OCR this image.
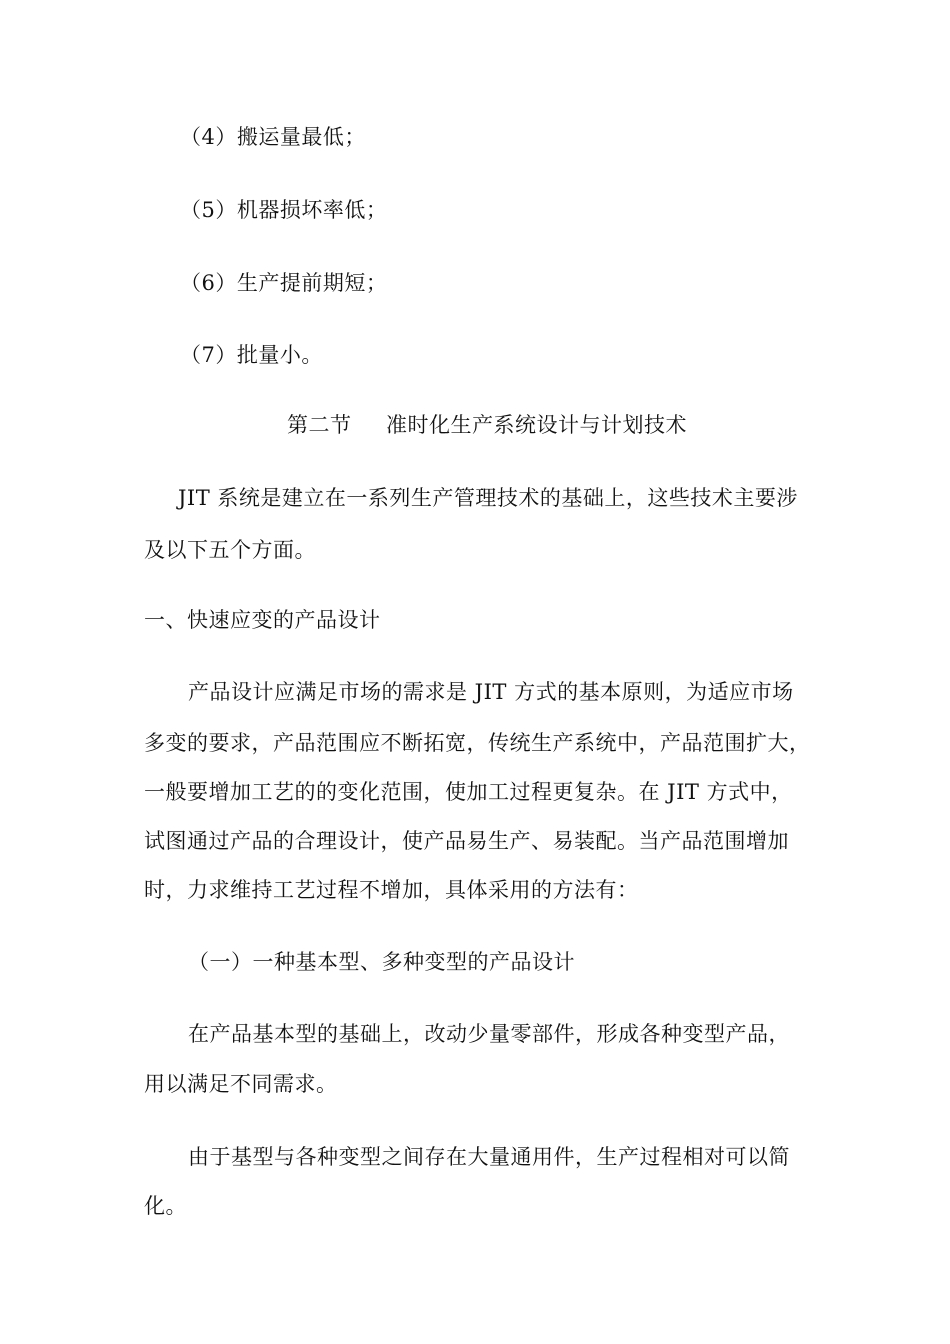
（4）搬运量最低；
（5）机器损坏率低；
（6）生产提前期短；
（7）批量小。
第二节 准时化生产系统设计与计划技术
JIT 系统是建立在一系列生产管理技术的基础上，这些技术主要涉
及以下五个方面。
一、快速应变的产品设计
产品设计应满足市场的需求是 JIT 方式的基本原则，为适应市场
多变的要求，产品范围应不断拓宽，传统生产系统中，产品范围扩大，
一般要增加工艺的的变化范围，使加工过程更复杂。在 JIT 方式中，
试图通过产品的合理设计，使产品易生产、易装配。当产品范围增加
时，力求维持工艺过程不增加，具体采用的方法有：
（一）一种基本型、多种变型的产品设计
在产品基本型的基础上，改动少量零部件，形成各种变型产品，
用以满足不同需求。
由于基型与各种变型之间存在大量通用件，生产过程相对可以简
化。
